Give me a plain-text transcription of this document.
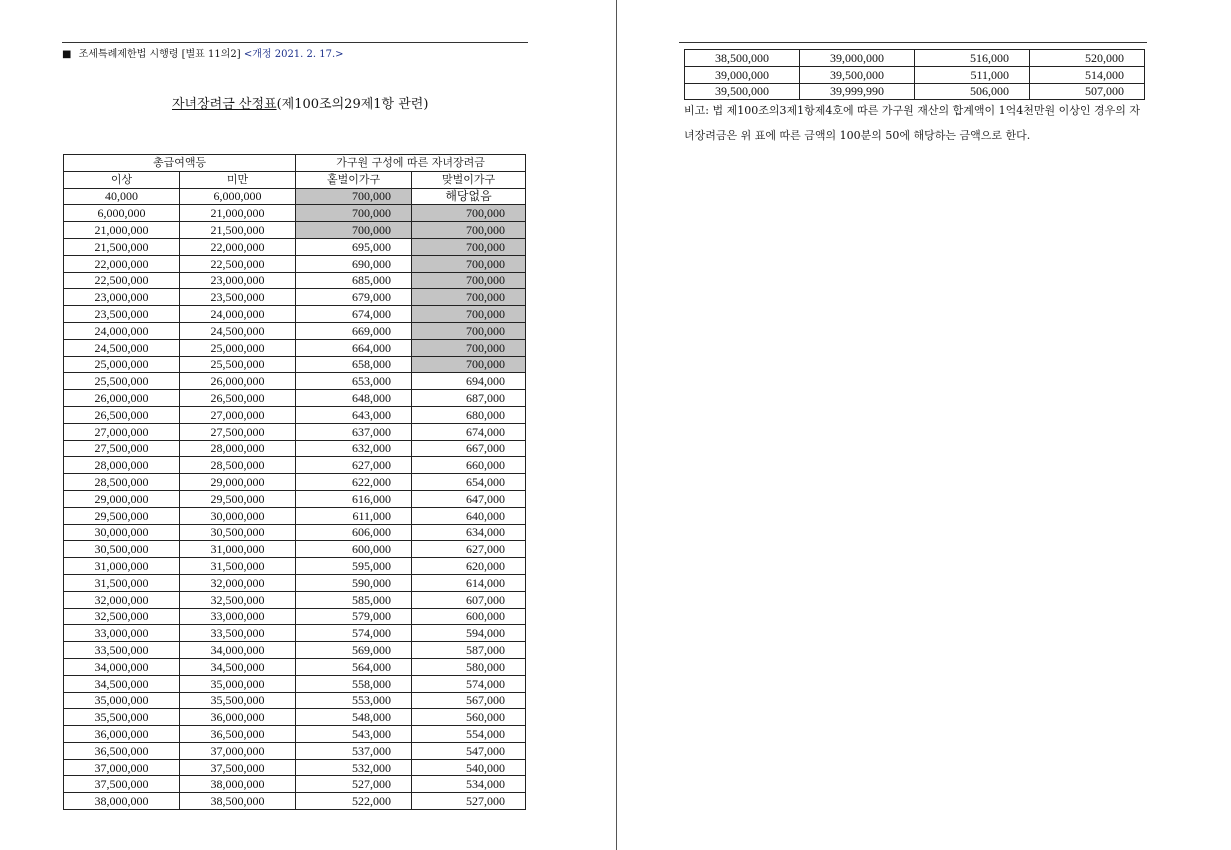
■ 조세특례제한법 시행령 [별표 11의2] <개정 2021. 2. 17.>
자녀장려금 산정표(제100조의29제1항 관련)
총급여액등		가구원 구성에 따른 자녀장려금	
이상	미만	홑벌이가구	맞벌이가구
40,000	6,000,000	700,000	해당없음
6,000,000	21,000,000	700,000	700,000
21,000,000	21,500,000	700,000	700,000
21,500,000	22,000,000	695,000	700,000
22,000,000	22,500,000	690,000	700,000
22,500,000	23,000,000	685,000	700,000
23,000,000	23,500,000	679,000	700,000
23,500,000	24,000,000	674,000	700,000
24,000,000	24,500,000	669,000	700,000
24,500,000	25,000,000	664,000	700,000
25,000,000	25,500,000	658,000	700,000
25,500,000	26,000,000	653,000	694,000
26,000,000	26,500,000	648,000	687,000
26,500,000	27,000,000	643,000	680,000
27,000,000	27,500,000	637,000	674,000
27,500,000	28,000,000	632,000	667,000
28,000,000	28,500,000	627,000	660,000
28,500,000	29,000,000	622,000	654,000
29,000,000	29,500,000	616,000	647,000
29,500,000	30,000,000	611,000	640,000
30,000,000	30,500,000	606,000	634,000
30,500,000	31,000,000	600,000	627,000
31,000,000	31,500,000	595,000	620,000
31,500,000	32,000,000	590,000	614,000
32,000,000	32,500,000	585,000	607,000
32,500,000	33,000,000	579,000	600,000
33,000,000	33,500,000	574,000	594,000
33,500,000	34,000,000	569,000	587,000
34,000,000	34,500,000	564,000	580,000
34,500,000	35,000,000	558,000	574,000
35,000,000	35,500,000	553,000	567,000
35,500,000	36,000,000	548,000	560,000
36,000,000	36,500,000	543,000	554,000
36,500,000	37,000,000	537,000	547,000
37,000,000	37,500,000	532,000	540,000
37,500,000	38,000,000	527,000	534,000
38,000,000	38,500,000	522,000	527,000
38,500,000	39,000,000	516,000	520,000
39,000,000	39,500,000	511,000	514,000
39,500,000	39,999,990	506,000	507,000
비고: 법 제100조의3제1항제4호에 따른 가구원 재산의 합계액이 1억4천만원 이상인 경우의 자녀장려금은 위 표에 따른 금액의 100분의 50에 해당하는 금액으로 한다.
